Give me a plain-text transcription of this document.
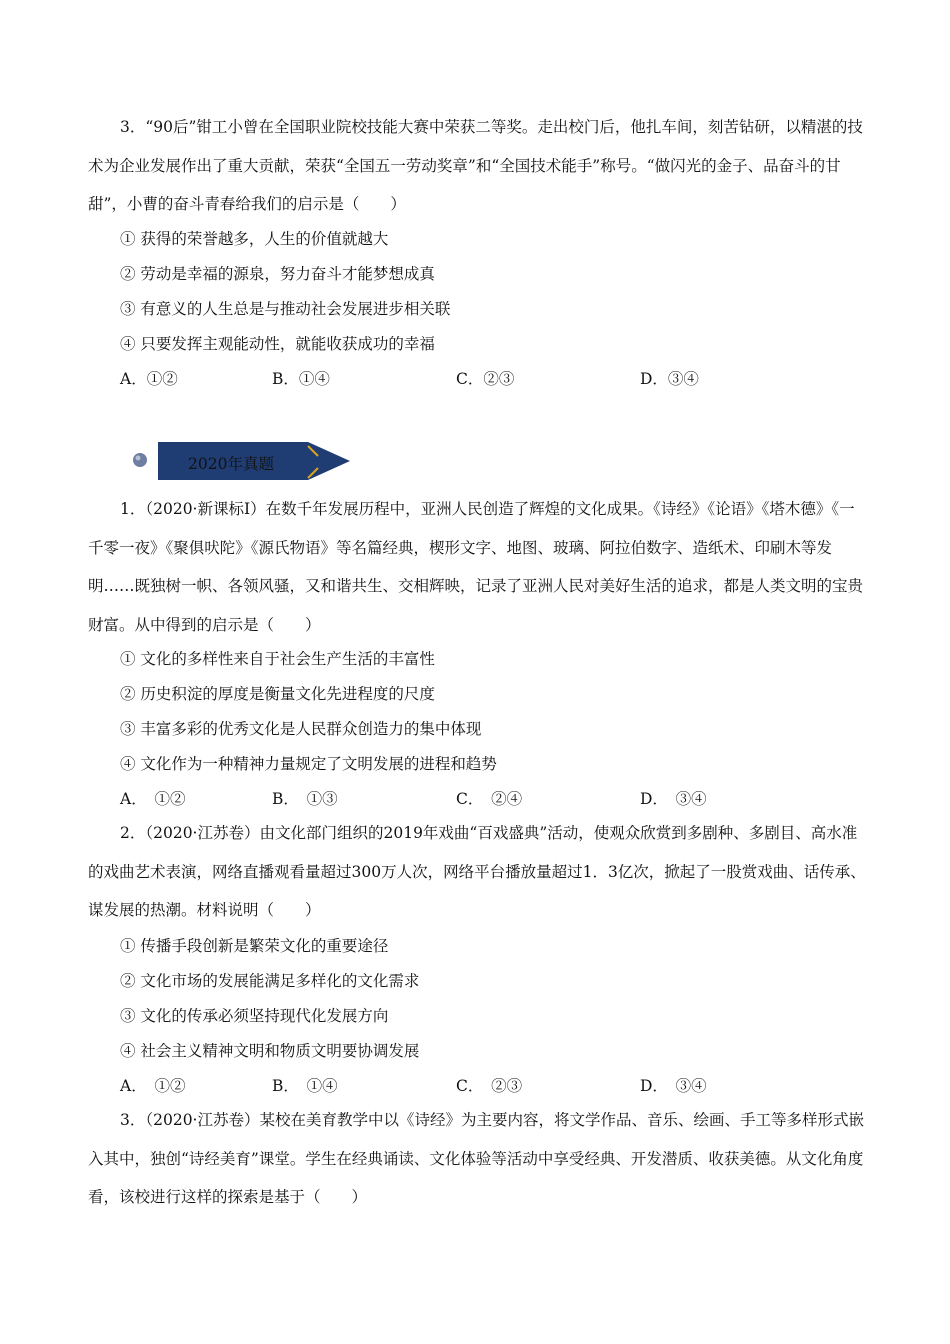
3．“90后”钳工小曾在全国职业院校技能大赛中荣获二等奖。走出校门后，他扎车间，刻苦钻研，以精湛的技术为企业发展作出了重大贡献，荣获“全国五一劳动奖章”和“全国技术能手”称号。“做闪光的金子、品奋斗的甘甜”，小曹的奋斗青春给我们的启示是（　　）

① 获得的荣誉越多，人生的价值就越大

② 劳动是幸福的源泉，努力奋斗才能梦想成真

③ 有意义的人生总是与推动社会发展进步相关联

④ 只要发挥主观能动性，就能收获成功的幸福

A．①②	B．①④	C．②③	D．③④
2020年真题

1．（2020·新课标Ⅰ）在数千年发展历程中，亚洲人民创造了辉煌的文化成果。《诗经》《论语》《塔木德》《一千零一夜》《聚俱吠陀》《源氏物语》等名篇经典，楔形文字、地图、玻璃、阿拉伯数字、造纸术、印刷木等发明……既独树一帜、各领风骚，又和谐共生、交相辉映，记录了亚洲人民对美好生活的追求，都是人类文明的宝贵财富。从中得到的启示是（　　）

① 文化的多样性来自于社会生产生活的丰富性

② 历史积淀的厚度是衡量文化先进程度的尺度

③ 丰富多彩的优秀文化是人民群众创造力的集中体现

④ 文化作为一种精神力量规定了文明发展的进程和趋势

A．　①②	B．　①③	C．　②④	D．　③④

2．（2020·江苏卷）由文化部门组织的2019年戏曲“百戏盛典”活动，使观众欣赏到多剧种、多剧目、高水准的戏曲艺术表演，网络直播观看量超过300万人次，网络平台播放量超过1．3亿次，掀起了一股赏戏曲、话传承、谋发展的热潮。材料说明（　　）

① 传播手段创新是繁荣文化的重要途径

② 文化市场的发展能满足多样化的文化需求

③ 文化的传承必须坚持现代化发展方向

④ 社会主义精神文明和物质文明要协调发展

A．　①②	B．　①④	C．　②③	D．　③④

3．（2020·江苏卷）某校在美育教学中以《诗经》为主要内容，将文学作品、音乐、绘画、手工等多样形式嵌入其中，独创“诗经美育”课堂。学生在经典诵读、文化体验等活动中享受经典、开发潜质、收获美德。从文化角度看，该校进行这样的探索是基于（　　）
